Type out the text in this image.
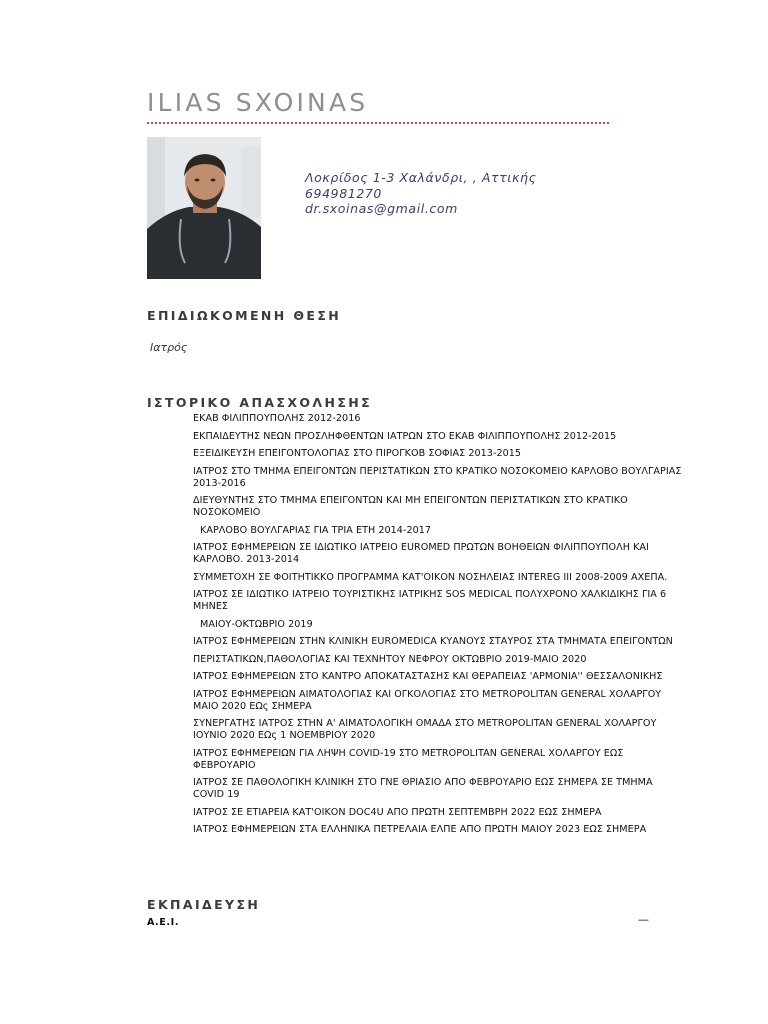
ILIAS SXOINAS
Λοκρίδος 1-3 Χαλάνδρι, , Αττικής
694981270
dr.sxoinas@gmail.com
ΕΠΙΔΙΩΚΟΜΕΝΗ ΘΕΣΗ
Ιατρός
ΙΣΤΟΡΙΚΟ ΑΠΑΣΧΟΛΗΣΗΣ
ΕΚΑΒ ΦΙΛΙΠΠΟΥΠΟΛΗΣ 2012-2016
ΕΚΠΑΙΔΕΥΤΗΣ ΝΕΩΝ ΠΡΟΣΛΗΦΘΕΝΤΩΝ ΙΑΤΡΩΝ ΣΤΟ ΕΚΑΒ ΦΙΛΙΠΠΟΥΠΟΛΗΣ 2012-2015
ΕΞΕΙΔΙΚΕΥΣΗ ΕΠΕΙΓΟΝΤΟΛΟΓΙΑΣ ΣΤΟ ΠΙΡΟΓΚΟΒ ΣΟΦΙΑΣ 2013-2015
ΙΑΤΡΟΣ ΣΤΟ ΤΜΗΜΑ ΕΠΕΙΓΟΝΤΩΝ ΠΕΡΙΣΤΑΤΙΚΩΝ ΣΤΟ ΚΡΑΤΙΚΟ ΝΟΣΟΚΟΜΕΙΟ ΚΑΡΛΟΒΟ ΒΟΥΛΓΑΡΙΑΣ 2013-2016
ΔΙΕΥΘΥΝΤΗΣ ΣΤΟ ΤΜΗΜΑ ΕΠΕΙΓΟΝΤΩΝ ΚΑΙ ΜΗ ΕΠΕΙΓΟΝΤΩΝ ΠΕΡΙΣΤΑΤΙΚΩΝ ΣΤΟ ΚΡΑΤΙΚΟ ΝΟΣΟΚΟΜΕΙΟ
ΚΑΡΛΟΒΟ ΒΟΥΛΓΑΡΙΑΣ ΓΙΑ ΤΡΙΑ ΕΤΗ 2014-2017
ΙΑΤΡΟΣ ΕΦΗΜΕΡΕΙΩΝ ΣΕ ΙΔΙΩΤΙΚΟ ΙΑΤΡΕΙΟ EUROMED ΠΡΩΤΩΝ ΒΟΗΘΕΙΩΝ ΦΙΛΙΠΠΟΥΠΟΛΗ ΚΑΙ ΚΑΡΛΟΒΟ. 2013-2014
ΣΥΜΜΕΤΟΧΗ ΣΕ ΦΟΙΤΗΤΙΚΚΟ ΠΡΟΓΡΑΜΜΑ ΚΑΤ'ΟΙΚΟΝ ΝΟΣΗΛΕΙΑΣ INTEREG III 2008-2009 ΑΧΕΠΑ.
ΙΑΤΡΟΣ ΣΕ ΙΔΙΩΤΙΚΟ ΙΑΤΡΕΙΟ ΤΟΥΡΙΣΤΙΚΗΣ ΙΑΤΡΙΚΗΣ SOS MEDICAL ΠΟΛΥΧΡΟΝΟ ΧΑΛΚΙΔΙΚΗΣ ΓΙΑ 6 ΜΗΝΕΣ
ΜΑΙΟΥ-ΟΚΤΩΒΡΙΟ 2019
ΙΑΤΡΟΣ ΕΦΗΜΕΡΕΙΩΝ ΣΤΗΝ ΚΛΙΝΙΚΗ EUROMEDICA ΚΥΑΝΟΥΣ ΣΤΑΥΡΟΣ ΣΤΑ ΤΜΗΜΑΤΑ ΕΠΕΙΓΟΝΤΩΝ
ΠΕΡΙΣΤΑΤΙΚΩΝ,ΠΑΘΟΛΟΓΙΑΣ ΚΑΙ ΤΕΧΝΗΤΟΥ ΝΕΦΡΟΥ ΟΚΤΩΒΡΙΟ 2019-ΜΑΙΟ 2020
ΙΑΤΡΟΣ ΕΦΗΜΕΡΕΙΩΝ ΣΤΟ ΚΑΝΤΡΟ ΑΠΟΚΑΤΑΣΤΑΣΗΣ ΚΑΙ ΘΕΡΑΠΕΙΑΣ 'ΑΡΜΟΝΙΑ'' ΘΕΣΣΑΛΟΝΙΚΗΣ
ΙΑΤΡΟΣ ΕΦΗΜΕΡΕΙΩΝ ΑΙΜΑΤΟΛΟΓΙΑΣ ΚΑΙ ΟΓΚΟΛΟΓΙΑΣ ΣΤΟ METROPOLITAN GENERAL ΧΟΛΑΡΓΟΥ ΜΑΙΟ 2020 ΕΩς ΣΗΜΕΡΑ
ΣΥΝΕΡΓΑΤΗΣ ΙΑΤΡΟΣ ΣΤΗΝ Α' ΑΙΜΑΤΟΛΟΓΙΚΗ ΟΜΑΔΑ ΣΤΟ METROPOLITAN GENERAL ΧΟΛΑΡΓΟΥ ΙΟΥΝΙΟ 2020 ΕΩς 1 ΝΟΕΜΒΡΙΟΥ 2020
ΙΑΤΡΟΣ ΕΦΗΜΕΡΕΙΩΝ ΓΙΑ ΛΗΨΗ COVID-19 ΣΤΟ METROPOLITAN GENERAL ΧΟΛΑΡΓΟΥ ΕΩΣ ΦΕΒΡΟΥΑΡΙΟ
ΙΑΤΡΟΣ ΣΕ ΠΑΘΟΛΟΓΙΚΗ ΚΛΙΝΙΚΗ ΣΤΟ ΓΝΕ ΘΡΙΑΣΙΟ ΑΠΟ ΦΕΒΡΟΥΑΡΙΟ ΕΩΣ ΣΗΜΕΡΑ ΣΕ ΤΜΗΜΑ COVID 19
ΙΑΤΡΟΣ ΣΕ ΕΤΙΑΡΕΙΑ ΚΑΤ'ΟΙΚΟΝ DOC4U ΑΠΟ ΠΡΩΤΗ ΣΕΠΤΕΜΒΡΗ 2022 ΕΩΣ ΣΗΜΕΡΑ
ΙΑΤΡΟΣ ΕΦΗΜΕΡΕΙΩΝ ΣΤΑ ΕΛΛΗΝΙΚΑ ΠΕΤΡΕΛΑΙΑ ΕΛΠΕ ΑΠΟ ΠΡΩΤΗ ΜΑΙΟΥ 2023 ΕΩΣ ΣΗΜΕΡΑ
ΕΚΠΑΙΔΕΥΣΗ
Α.Ε.Ι.	—
